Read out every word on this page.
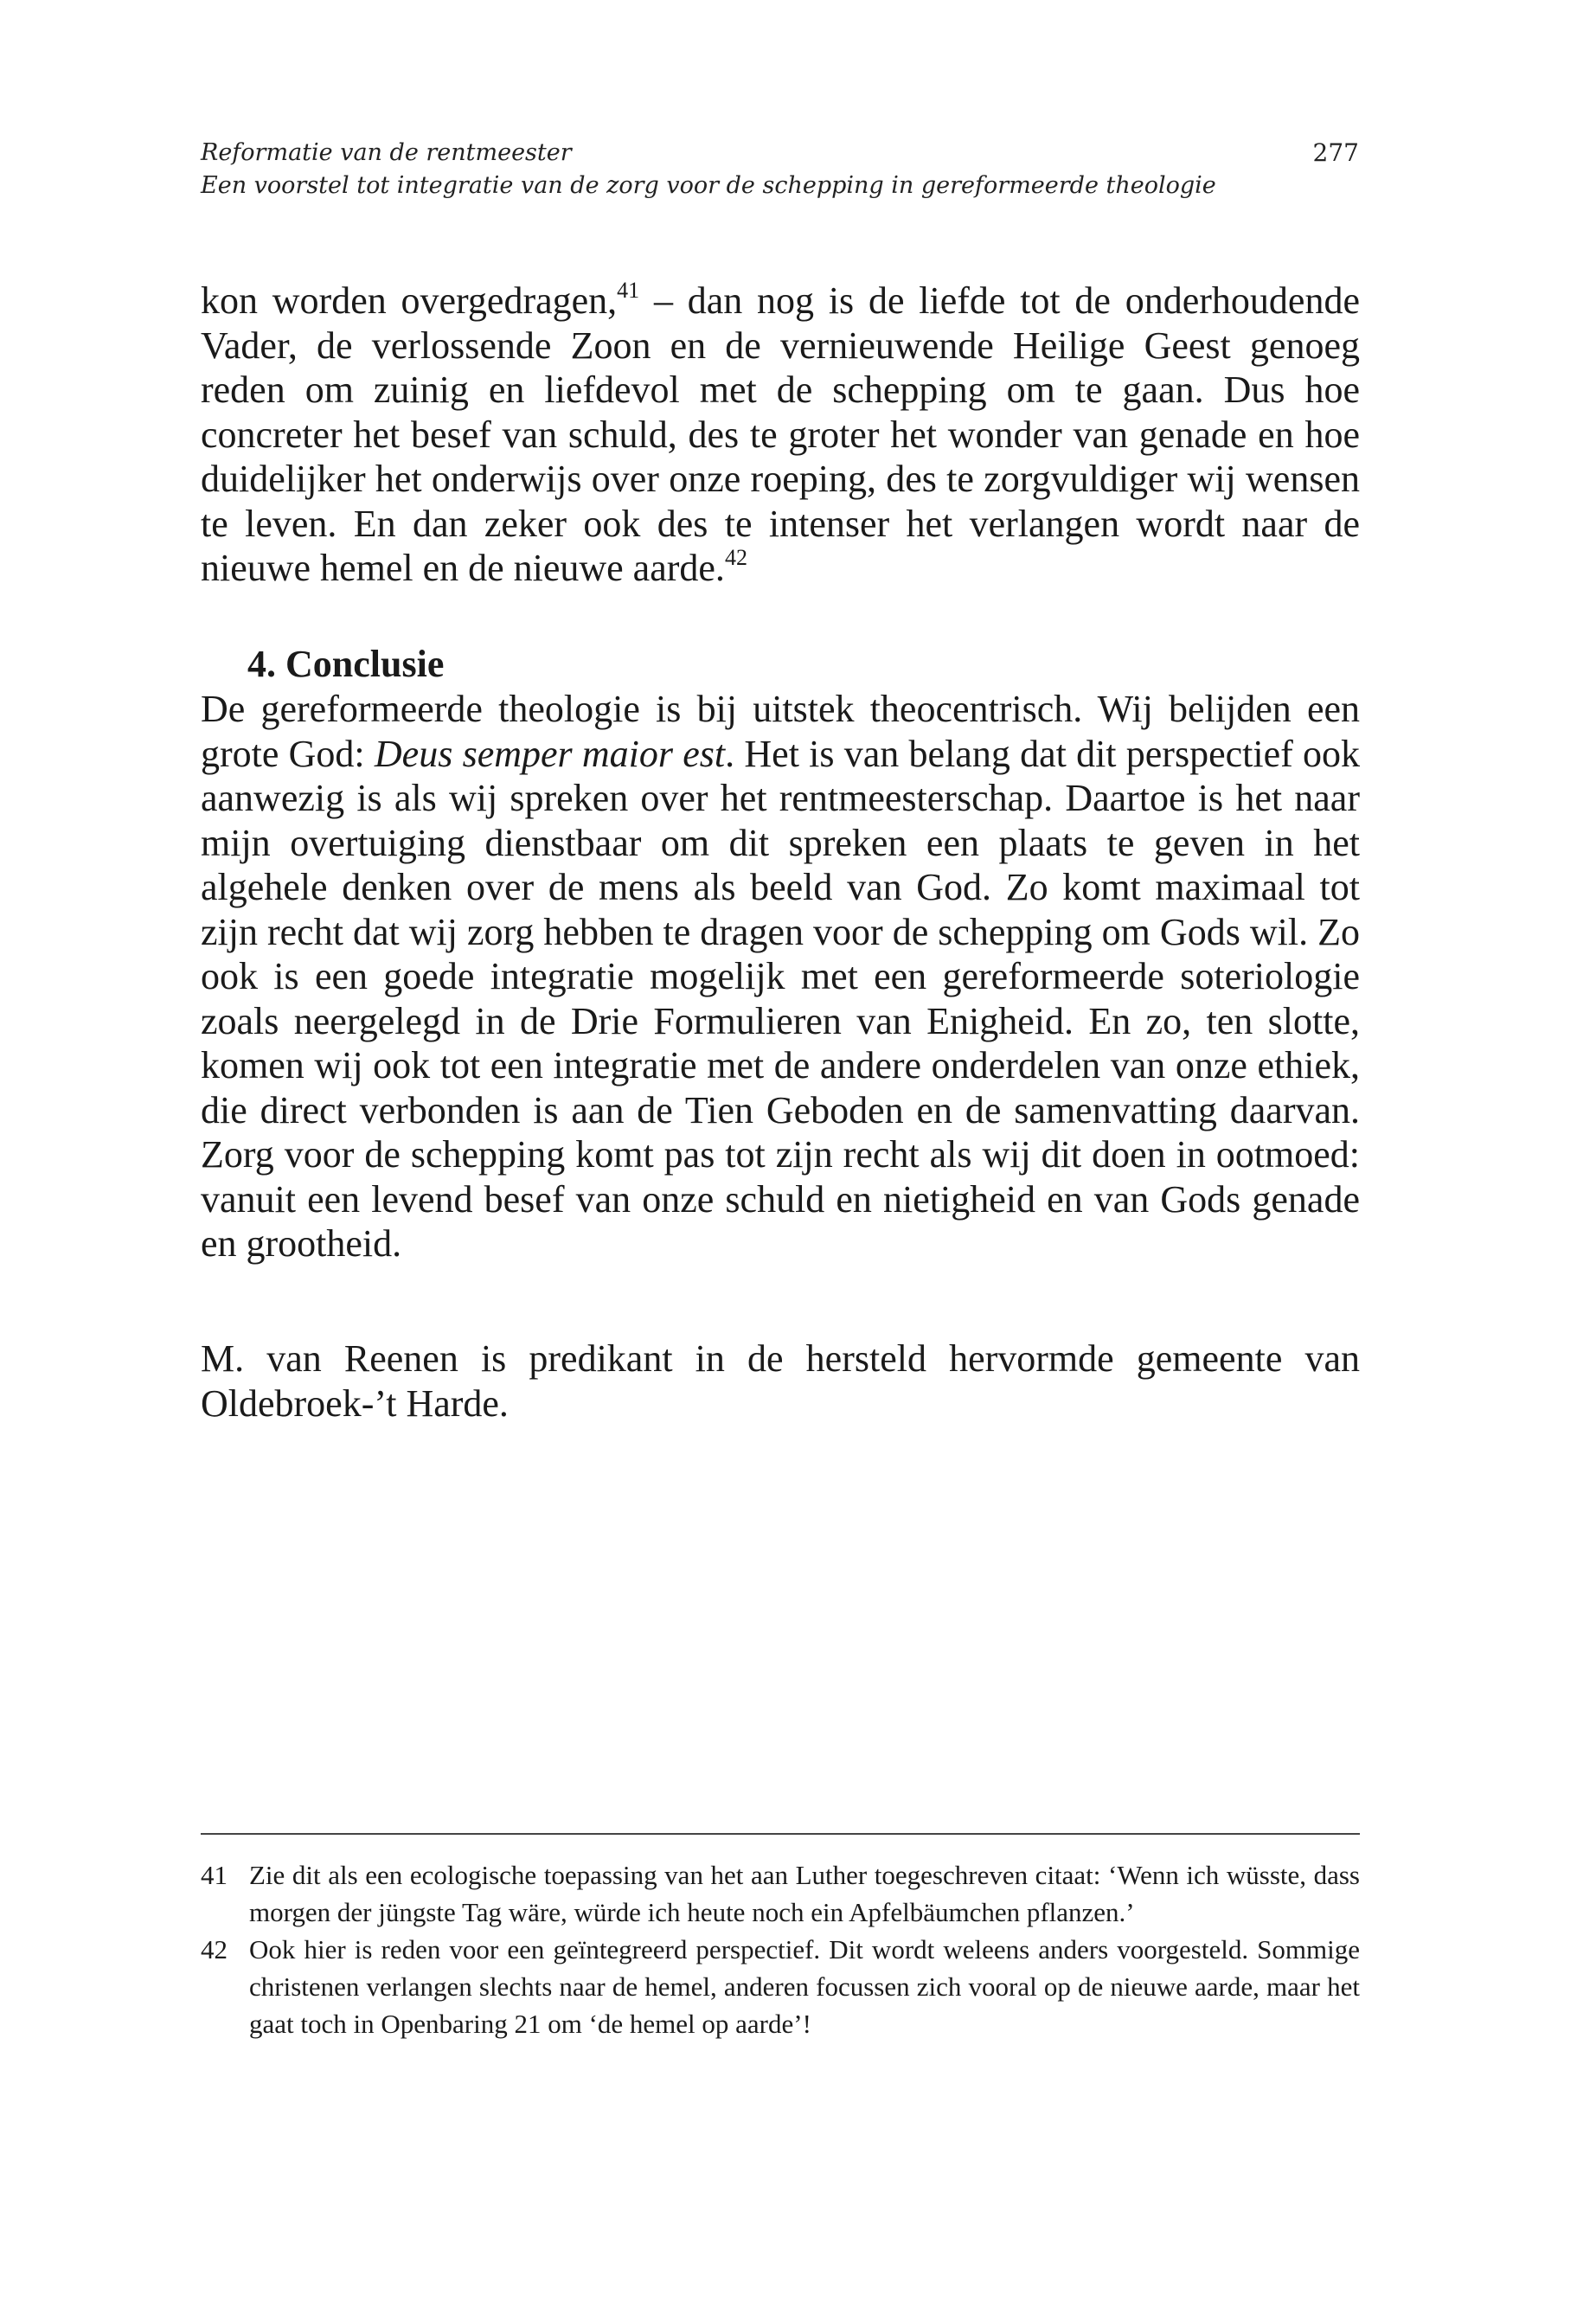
Reformatie van de rentmeester
Een voorstel tot integratie van de zorg voor de schepping in gereformeerde theologie
277
kon worden overgedragen,$^{41}$ – dan nog is de liefde tot de onderhoudende Vader, de verlossende Zoon en de vernieuwende Heilige Geest genoeg reden om zuinig en liefdevol met de schepping om te gaan. Dus hoe concreter het besef van schuld, des te groter het wonder van genade en hoe duidelijker het onderwijs over onze roeping, des te zorgvuldiger wij wensen te leven. En dan zeker ook des te intenser het verlangen wordt naar de nieuwe hemel en de nieuwe aarde.$^{42}$
4. Conclusie
De gereformeerde theologie is bij uitstek theocentrisch. Wij belijden een grote God: Deus semper maior est. Het is van belang dat dit perspectief ook aanwezig is als wij spreken over het rentmeesterschap. Daartoe is het naar mijn overtuiging dienstbaar om dit spreken een plaats te geven in het algehele denken over de mens als beeld van God. Zo komt maximaal tot zijn recht dat wij zorg hebben te dragen voor de schepping om Gods wil. Zo ook is een goede integratie mogelijk met een gereformeerde soteriologie zoals neergelegd in de Drie Formulieren van Enigheid. En zo, ten slotte, komen wij ook tot een integratie met de andere onderdelen van onze ethiek, die direct verbonden is aan de Tien Geboden en de samenvatting daarvan. Zorg voor de schepping komt pas tot zijn recht als wij dit doen in ootmoed: vanuit een levend besef van onze schuld en nietigheid en van Gods genade en grootheid.
M. van Reenen is predikant in de hersteld hervormde gemeente van Oldebroek-’t Harde.
41 Zie dit als een ecologische toepassing van het aan Luther toegeschreven citaat: ‘Wenn ich wüsste, dass morgen der jüngste Tag wäre, würde ich heute noch ein Apfelbäumchen pflanzen.’
42 Ook hier is reden voor een geïntegreerd perspectief. Dit wordt weleens anders voorgesteld. Sommige christenen verlangen slechts naar de hemel, anderen focussen zich vooral op de nieuwe aarde, maar het gaat toch in Openbaring 21 om ‘de hemel op aarde’!
